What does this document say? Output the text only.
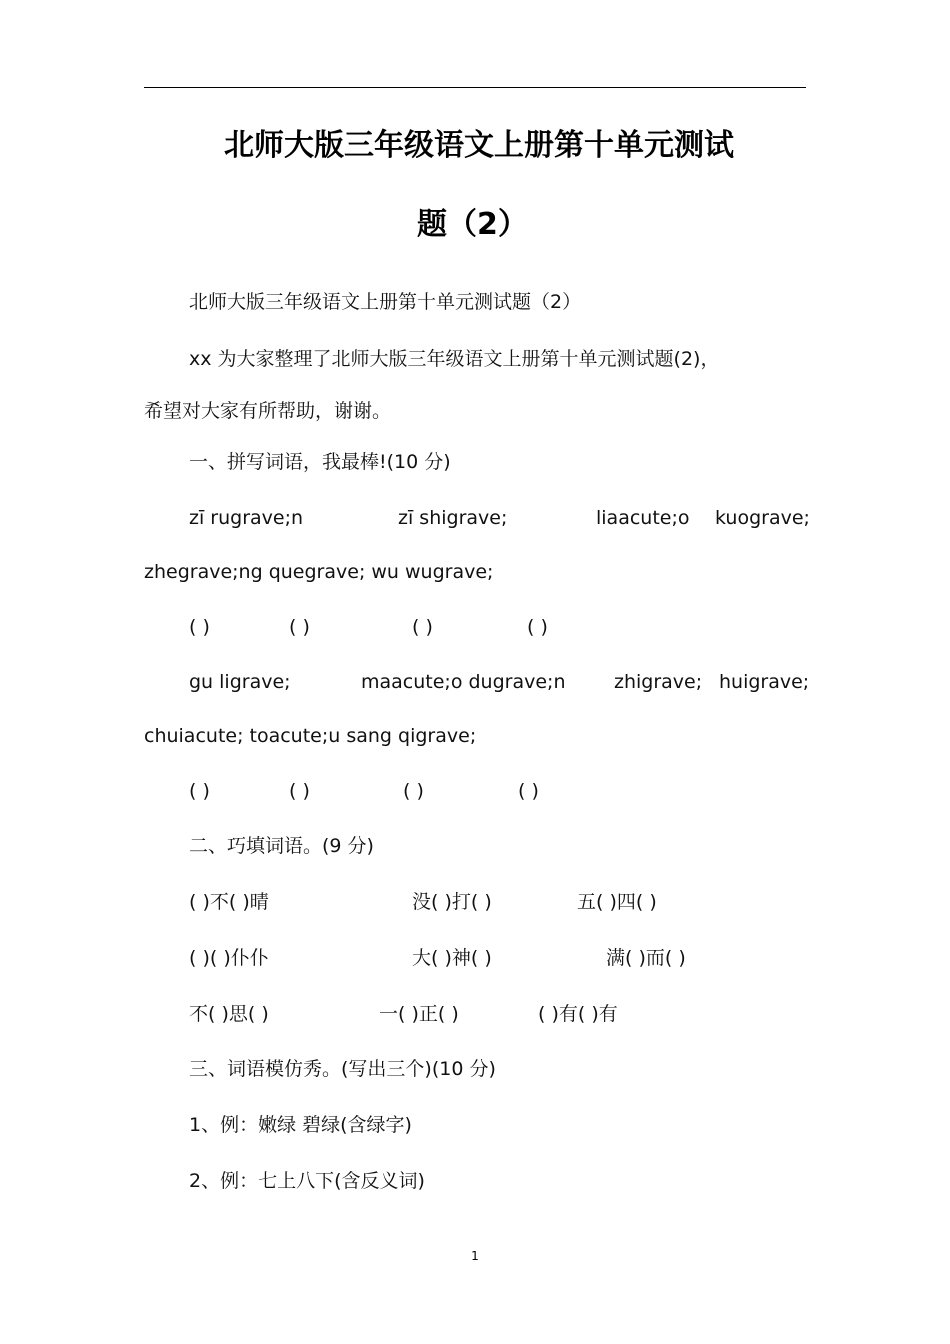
北师大版三年级语文上册第十单元测试
题（2）
北师大版三年级语文上册第十单元测试题（2）
xx 为大家整理了北师大版三年级语文上册第十单元测试题(2)，
希望对大家有所帮助，谢谢。
一、拼写词语，我最棒!(10 分)
zī rugrave;n	zī shigrave;	liaacute;o kuograve;
zhegrave;ng quegrave; wu wugrave;
( )	( )	( )	( )
gu ligrave;	maacute;o dugrave;n	zhigrave; huigrave;
chuiacute; toacute;u sang qigrave;
( )	( )	( )	( )
二、巧填词语。(9 分)
( )不( )晴	没( )打( )	五( )四( )
( )( )仆仆	大( )神( )	满( )而( )
不( )思( )	一( )正( )	( )有( )有
三、词语模仿秀。(写出三个)(10 分)
1、例：嫩绿 碧绿(含绿字)
2、例：七上八下(含反义词)
1
